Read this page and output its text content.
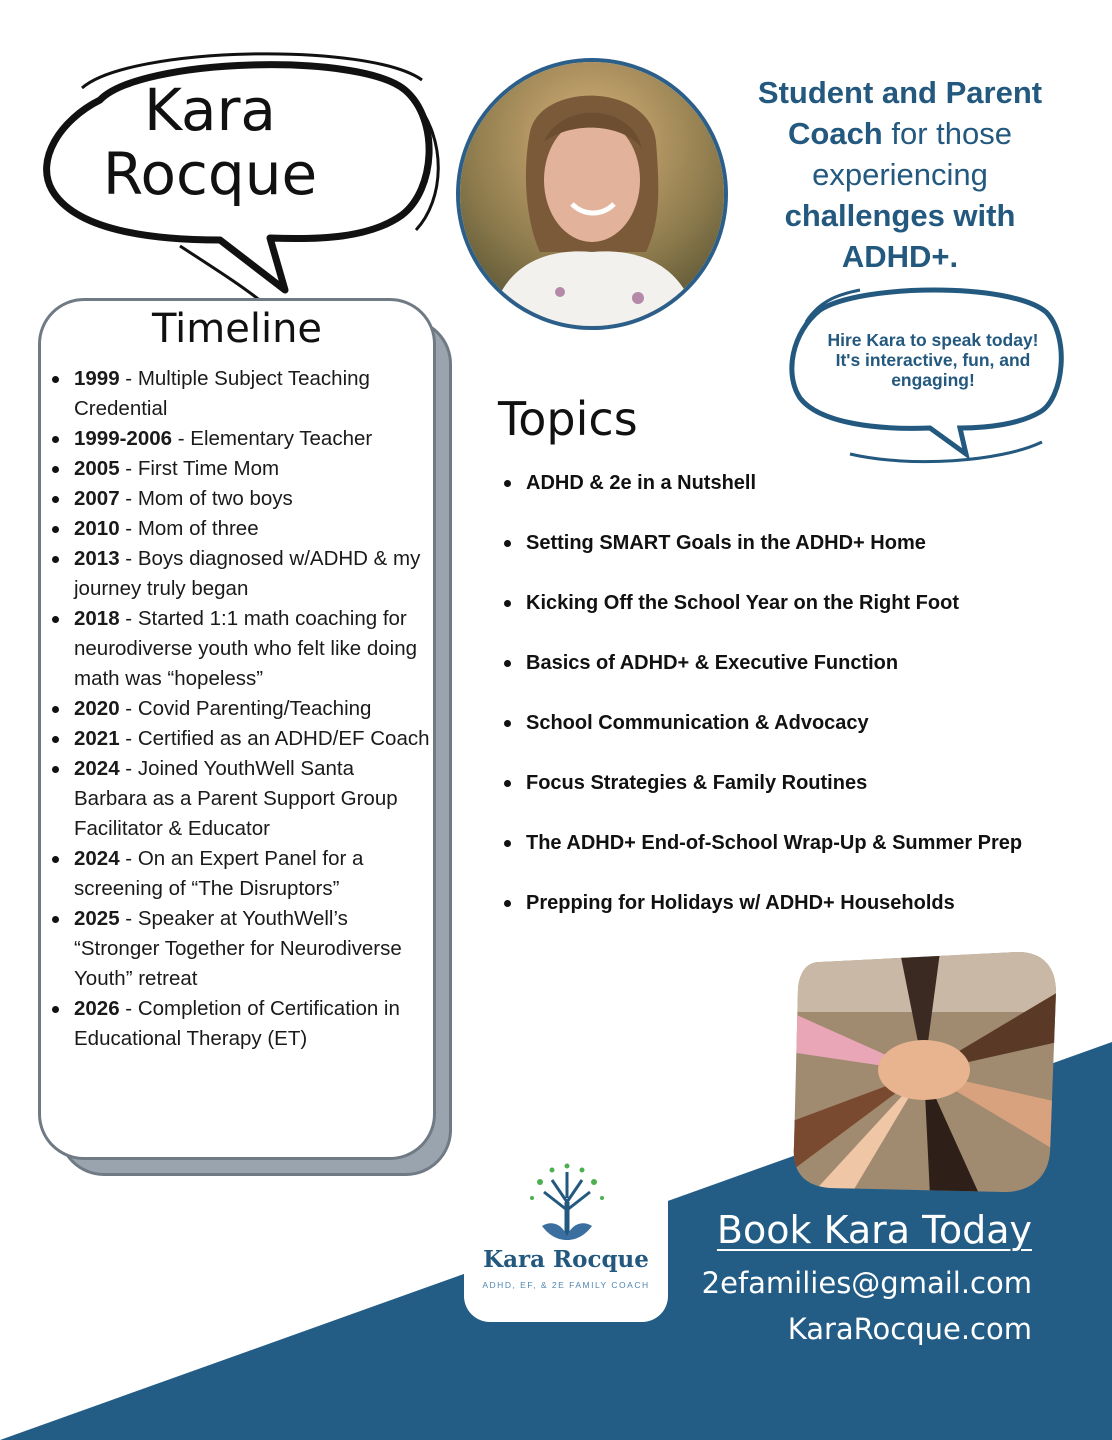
Kara
Rocque
Student and Parent Coach for those experiencing challenges with ADHD+.
Hire Kara to speak today! It's interactive, fun, and engaging!
Timeline
1999 - Multiple Subject Teaching Credential
1999-2006 - Elementary Teacher
2005 - First Time Mom
2007 - Mom of two boys
2010 - Mom of three
2013 - Boys diagnosed w/ADHD & my journey truly began
2018 - Started 1:1 math coaching for neurodiverse youth who felt like doing math was “hopeless”
2020 - Covid Parenting/Teaching
2021 - Certified as an ADHD/EF Coach
2024 - Joined YouthWell Santa Barbara as a Parent Support Group Facilitator & Educator
2024 - On an Expert Panel for a screening of “The Disruptors”
2025 - Speaker at YouthWell’s “Stronger Together for Neurodiverse Youth” retreat
2026 - Completion of Certification in Educational Therapy (ET)
Topics
ADHD & 2e in a Nutshell
Setting SMART Goals in the ADHD+ Home
Kicking Off the School Year on the Right Foot
Basics of ADHD+ & Executive Function
School Communication & Advocacy
Focus Strategies & Family Routines
The ADHD+ End-of-School Wrap-Up & Summer Prep
Prepping for Holidays w/ ADHD+ Households
Kara Rocque
ADHD, EF, & 2E FAMILY COACH
Book Kara Today
2efamilies@gmail.com
KaraRocque.com
